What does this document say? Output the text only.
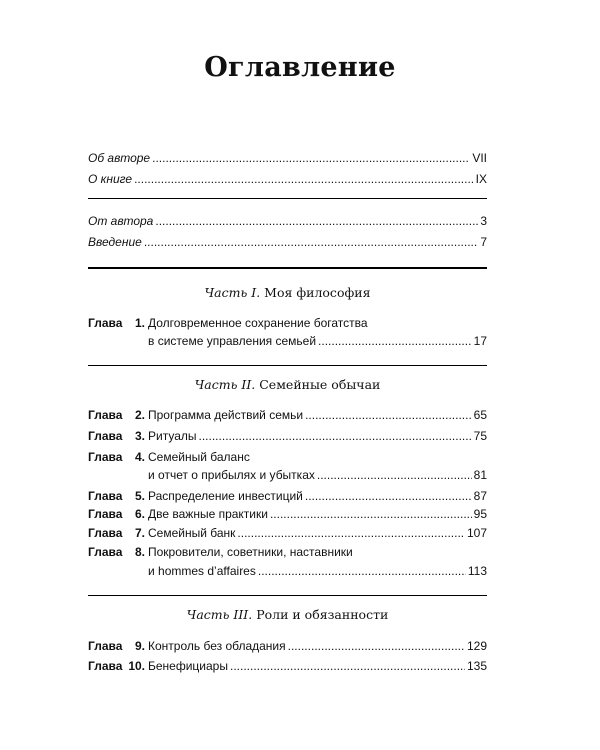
Оглавление
Об авторе .....	VII
О книге .....	IX
От автора .....	3
Введение .....	7
Часть I. Моя философия
Глава	1. Долговременное сохранение богатства
в системе управления семьей .....	17
Часть II. Семейные обычаи
Глава	2. Программа действий семьи .....	65
Глава	3. Ритуалы .....	75
Глава	4. Семейный баланс
и отчет о прибылях и убытках .....	81
Глава	5. Распределение инвестиций .....	87
Глава	6. Две важные практики .....	95
Глава	7. Семейный банк .....	107
Глава	8. Покровители, советники, наставники
и hommes d’affaires .....	113
Часть III. Роли и обязанности
Глава	9. Контроль без обладания .....	129
Глава 10. Бенефициары .....	135
